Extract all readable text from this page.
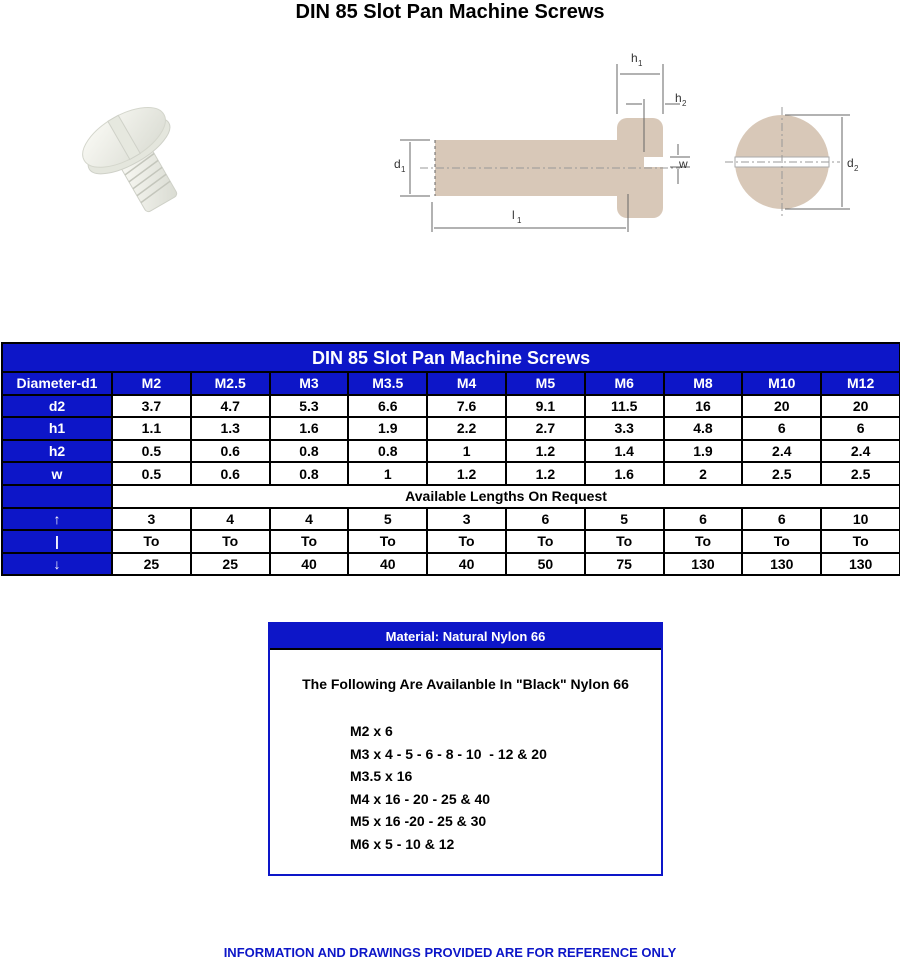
DIN 85 Slot Pan Machine Screws
d 1
l 1
h 1
h 2
w	d 2
DIN 85 Slot Pan Machine Screws										
Diameter-d1	M2	M2.5	M3	M3.5	M4	M5	M6	M8	M10	M12
d2	3.7	4.7	5.3	6.6	7.6	9.1	11.5	16	20	20
h1	1.1	1.3	1.6	1.9	2.2	2.7	3.3	4.8	6	6
h2	0.5	0.6	0.8	0.8	1	1.2	1.4	1.9	2.4	2.4
w	0.5	0.6	0.8	1	1.2	1.2	1.6	2	2.5	2.5
	Available Lengths On Request									
↑	3	4	4	5	3	6	5	6	6	10
|	To	To	To	To	To	To	To	To	To	To
↓	25	25	40	40	40	50	75	130	130	130
Material: Natural Nylon 66
The Following Are Availanble In "Black" Nylon 66
M2 x 6
M3 x 4 - 5 - 6 - 8 - 10  - 12 & 20
M3.5 x 16
M4 x 16 - 20 - 25 & 40
M5 x 16 -20 - 25 & 30
M6 x 5 - 10 & 12
INFORMATION AND DRAWINGS PROVIDED ARE FOR REFERENCE ONLY
